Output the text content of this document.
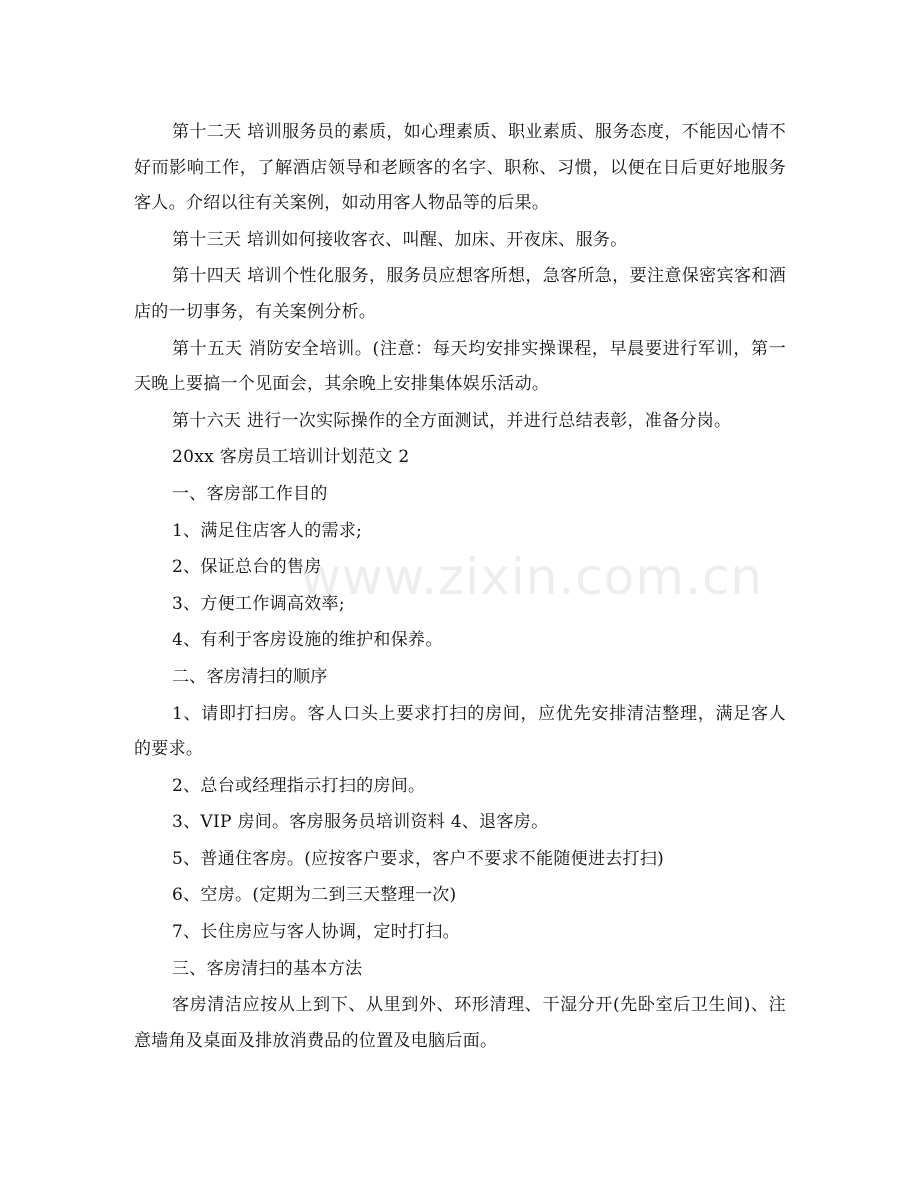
第十二天 培训服务员的素质，如心理素质、职业素质、服务态度，不能因心情不好而影响工作，了解酒店领导和老顾客的名字、职称、习惯，以便在日后更好地服务客人。介绍以往有关案例，如动用客人物品等的后果。

第十三天 培训如何接收客衣、叫醒、加床、开夜床、服务。

第十四天 培训个性化服务，服务员应想客所想，急客所急，要注意保密宾客和酒店的一切事务，有关案例分析。

第十五天 消防安全培训。(注意：每天均安排实操课程，早晨要进行军训，第一天晚上要搞一个见面会，其余晚上安排集体娱乐活动。

第十六天 进行一次实际操作的全方面测试，并进行总结表彰，准备分岗。

20xx 客房员工培训计划范文 2

一、客房部工作目的

1、满足住店客人的需求;

2、保证总台的售房

3、方便工作调高效率;

4、有利于客房设施的维护和保养。

二、客房清扫的顺序

1、请即打扫房。客人口头上要求打扫的房间，应优先安排清洁整理，满足客人的要求。

2、总台或经理指示打扫的房间。

3、VIP 房间。客房服务员培训资料 4、退客房。

5、普通住客房。(应按客户要求，客户不要求不能随便进去打扫)

6、空房。(定期为二到三天整理一次)

7、长住房应与客人协调，定时打扫。

三、客房清扫的基本方法

客房清洁应按从上到下、从里到外、环形清理、干湿分开(先卧室后卫生间)、注意墙角及桌面及排放消费品的位置及电脑后面。

www.zixin.com.cn
